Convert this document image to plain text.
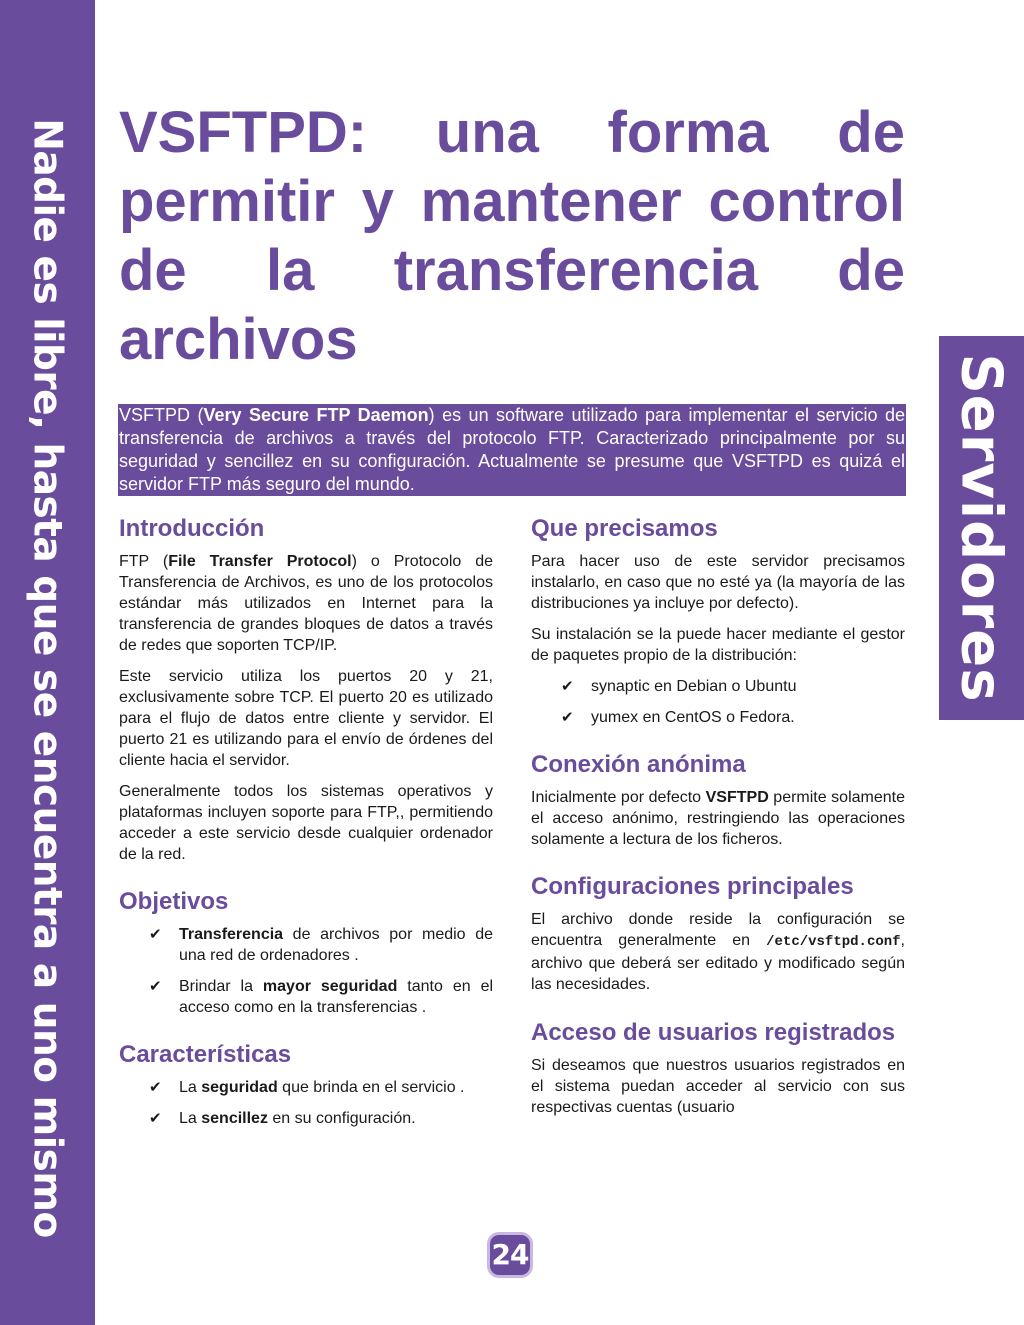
Nadie es libre, hasta que se encuentra a uno mismo	Servidores
VSFTPD: una forma de permitir y mantener control de la transferencia de archivos
VSFTPD (Very Secure FTP Daemon) es un software utilizado para implementar el servicio de transferencia de archivos a través del protocolo FTP. Caracterizado principalmente por su seguridad y sencillez en su configuración. Actualmente se presume que VSFTPD es quizá el servidor FTP más seguro del mundo.
Introducción

FTP (File Transfer Protocol) o Protocolo de Transferencia de Archivos, es uno de los protocolos estándar más utilizados en Internet para la transferencia de grandes bloques de datos a través de redes que soporten TCP/IP.

Este servicio utiliza los puertos 20 y 21, exclusivamente sobre TCP. El puerto 20 es utilizado para el flujo de datos entre cliente y servidor. El puerto 21 es utilizando para el envío de órdenes del cliente hacia el servidor.

Generalmente todos los sistemas operativos y plataformas incluyen soporte para FTP,, permitiendo acceder a este servicio desde cualquier ordenador de la red.

Objetivos
✔ Transferencia de archivos por medio de una red de ordenadores .
✔ Brindar la mayor seguridad tanto en el acceso como en la transferencias .
Características
✔ La seguridad que brinda en el servicio .
✔ La sencillez en su configuración.
Que precisamos

Para hacer uso de este servidor precisamos instalarlo, en caso que no esté ya (la mayoría de las distribuciones ya incluye por defecto).

Su instalación se la puede hacer mediante el gestor de paquetes propio de la distribución:

✔ synaptic en Debian o Ubuntu
✔ yumex en CentOS o Fedora.
Conexión anónima

Inicialmente por defecto VSFTPD permite solamente el acceso anónimo, restringiendo las operaciones solamente a lectura de los ficheros.

Configuraciones principales

El archivo donde reside la configuración se encuentra generalmente en /etc/vsftpd.conf, archivo que deberá ser editado y modificado según las necesidades.

Acceso de usuarios registrados

Si deseamos que nuestros usuarios registrados en el sistema puedan acceder al servicio con sus respectivas cuentas (usuario

24
